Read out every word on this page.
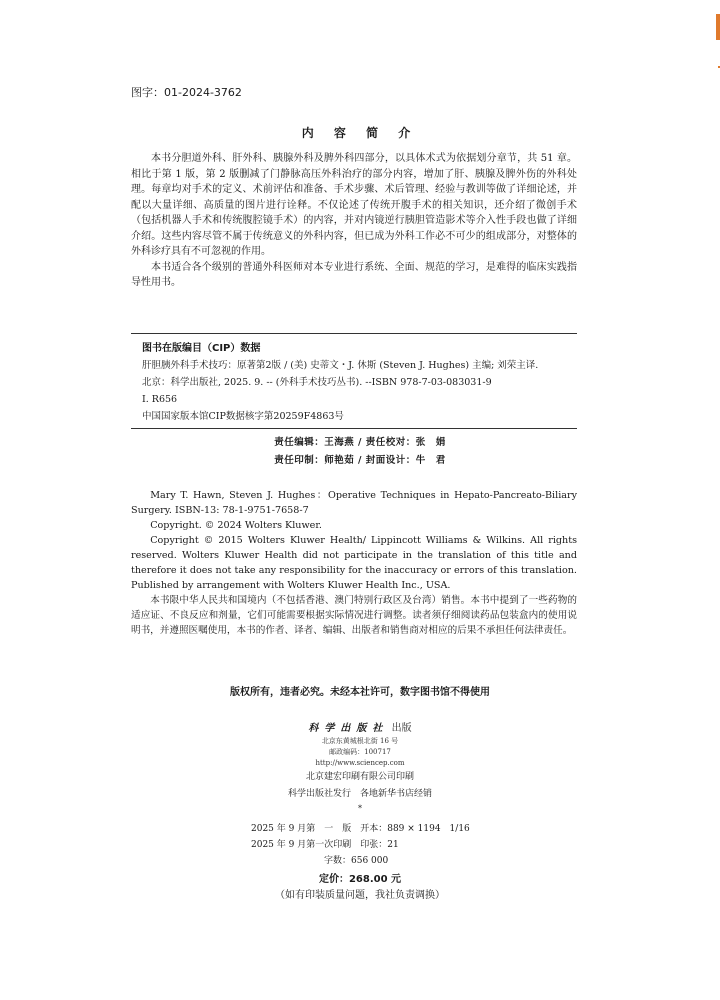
图字：01-2024-3762
内 容 简 介

本书分胆道外科、肝外科、胰腺外科及脾外科四部分，以具体术式为依据划分章节，共 51 章。相比于第 1 版，第 2 版删减了门静脉高压外科治疗的部分内容，增加了肝、胰腺及脾外伤的外科处理。每章均对手术的定义、术前评估和准备、手术步骤、术后管理、经验与教训等做了详细论述，并配以大量详细、高质量的图片进行诠释。不仅论述了传统开腹手术的相关知识，还介绍了微创手术（包括机器人手术和传统腹腔镜手术）的内容，并对内镜逆行胰胆管造影术等介入性手段也做了详细介绍。这些内容尽管不属于传统意义的外科内容，但已成为外科工作必不可少的组成部分，对整体的外科诊疗具有不可忽视的作用。

本书适合各个级别的普通外科医师对本专业进行系统、全面、规范的学习，是难得的临床实践指导性用书。

图书在版编目（CIP）数据
肝胆胰外科手术技巧：原著第2版 / (美) 史蒂文・J. 休斯 (Steven J. Hughes) 主编; 刘荣主译.
北京：科学出版社, 2025. 9. -- (外科手术技巧丛书). --ISBN 978-7-03-083031-9
Ⅰ. R656
中国国家版本馆CIP数据核字第20259F4863号
责任编辑：王海燕 / 责任校对：张　娟
责任印制：师艳茹 / 封面设计：牛　君

Mary T. Hawn, Steven J. Hughes：Operative Techniques in Hepato-Pancreato-Biliary Surgery. ISBN-13: 78-1-9751-7658-7

Copyright. © 2024 Wolters Kluwer.

Copyright © 2015 Wolters Kluwer Health/ Lippincott Williams & Wilkins. All rights reserved. Wolters Kluwer Health did not participate in the translation of this title and therefore it does not take any responsibility for the inaccuracy or errors of this translation. Published by arrangement with Wolters Kluwer Health Inc., USA.

本书限中华人民共和国境内（不包括香港、澳门特别行政区及台湾）销售。本书中提到了一些药物的适应证、不良反应和剂量，它们可能需要根据实际情况进行调整。读者须仔细阅读药品包装盒内的使用说明书，并遵照医嘱使用，本书的作者、译者、编辑、出版者和销售商对相应的后果不承担任何法律责任。

版权所有，违者必究。未经本社许可，数字图书馆不得使用
科学出版社 出版
北京东黄城根北街 16 号
邮政编码：100717
http://www.sciencep.com
北京建宏印刷有限公司印刷
科学出版社发行　各地新华书店经销
*
2025 年 9 月第　一　版　开本：889 × 1194　1/16
2025 年 9 月第一次印刷　印张：21
字数：656 000
定价：268.00 元
（如有印装质量问题，我社负责调换）
